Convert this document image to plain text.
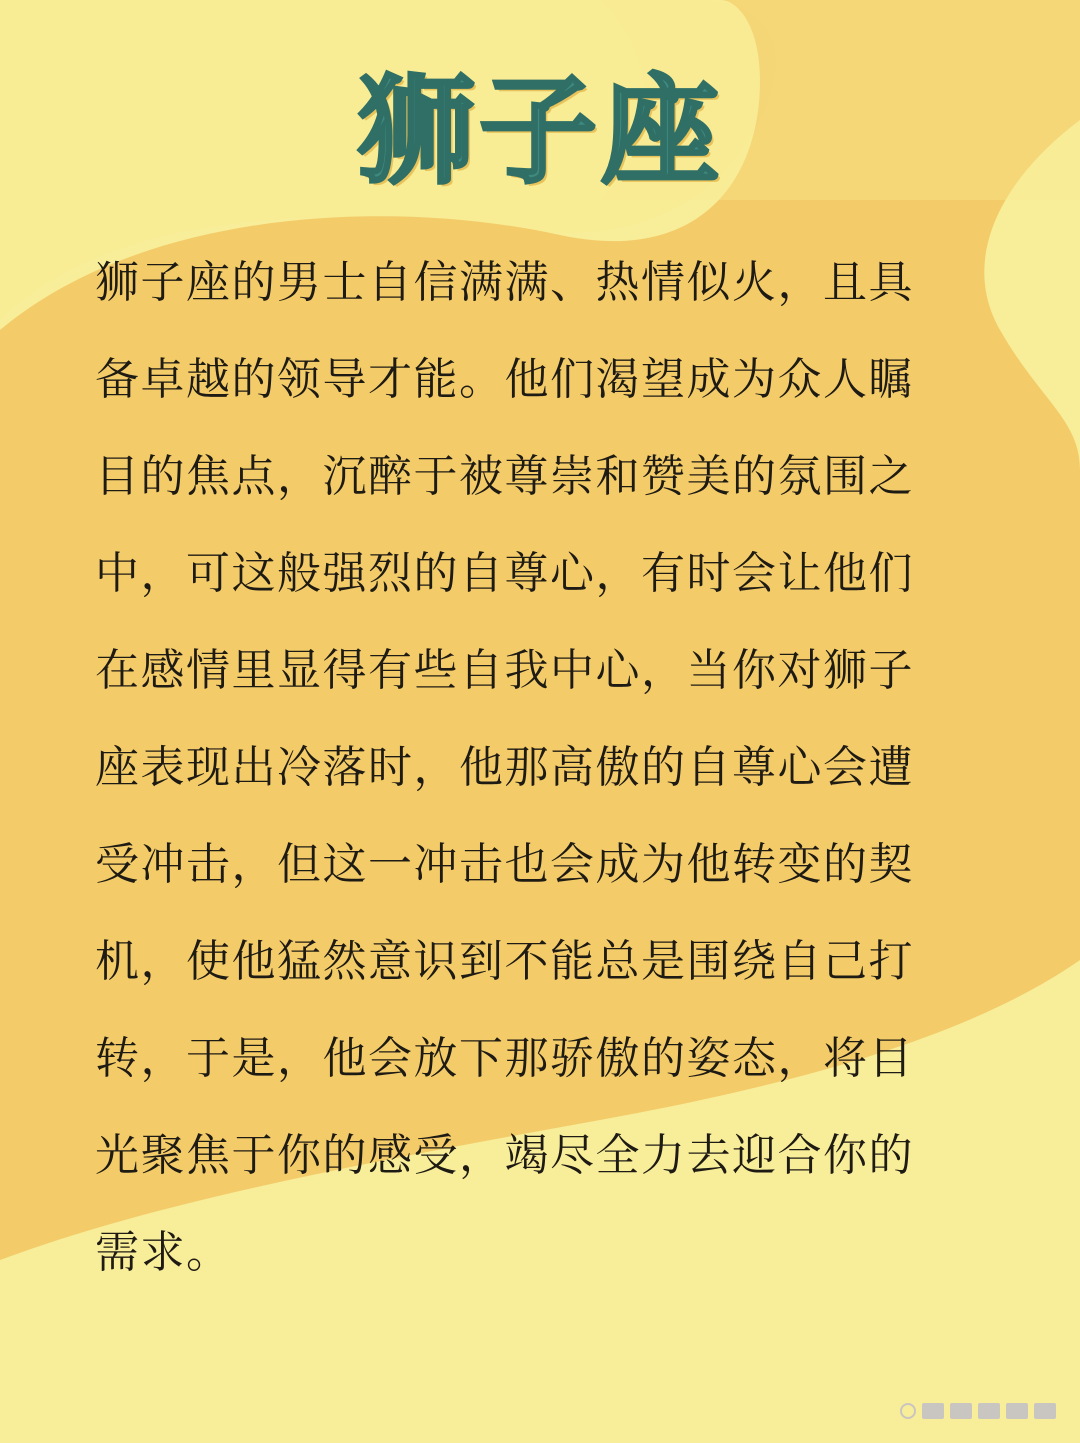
狮子座
狮子座的男士自信满满、热情似火，且具
备卓越的领导才能。他们渴望成为众人瞩
目的焦点，沉醉于被尊崇和赞美的氛围之
中，可这般强烈的自尊心，有时会让他们
在感情里显得有些自我中心，当你对狮子
座表现出冷落时，他那高傲的自尊心会遭
受冲击，但这一冲击也会成为他转变的契
机，使他猛然意识到不能总是围绕自己打
转，于是，他会放下那骄傲的姿态，将目
光聚焦于你的感受，竭尽全力去迎合你的
需求。
